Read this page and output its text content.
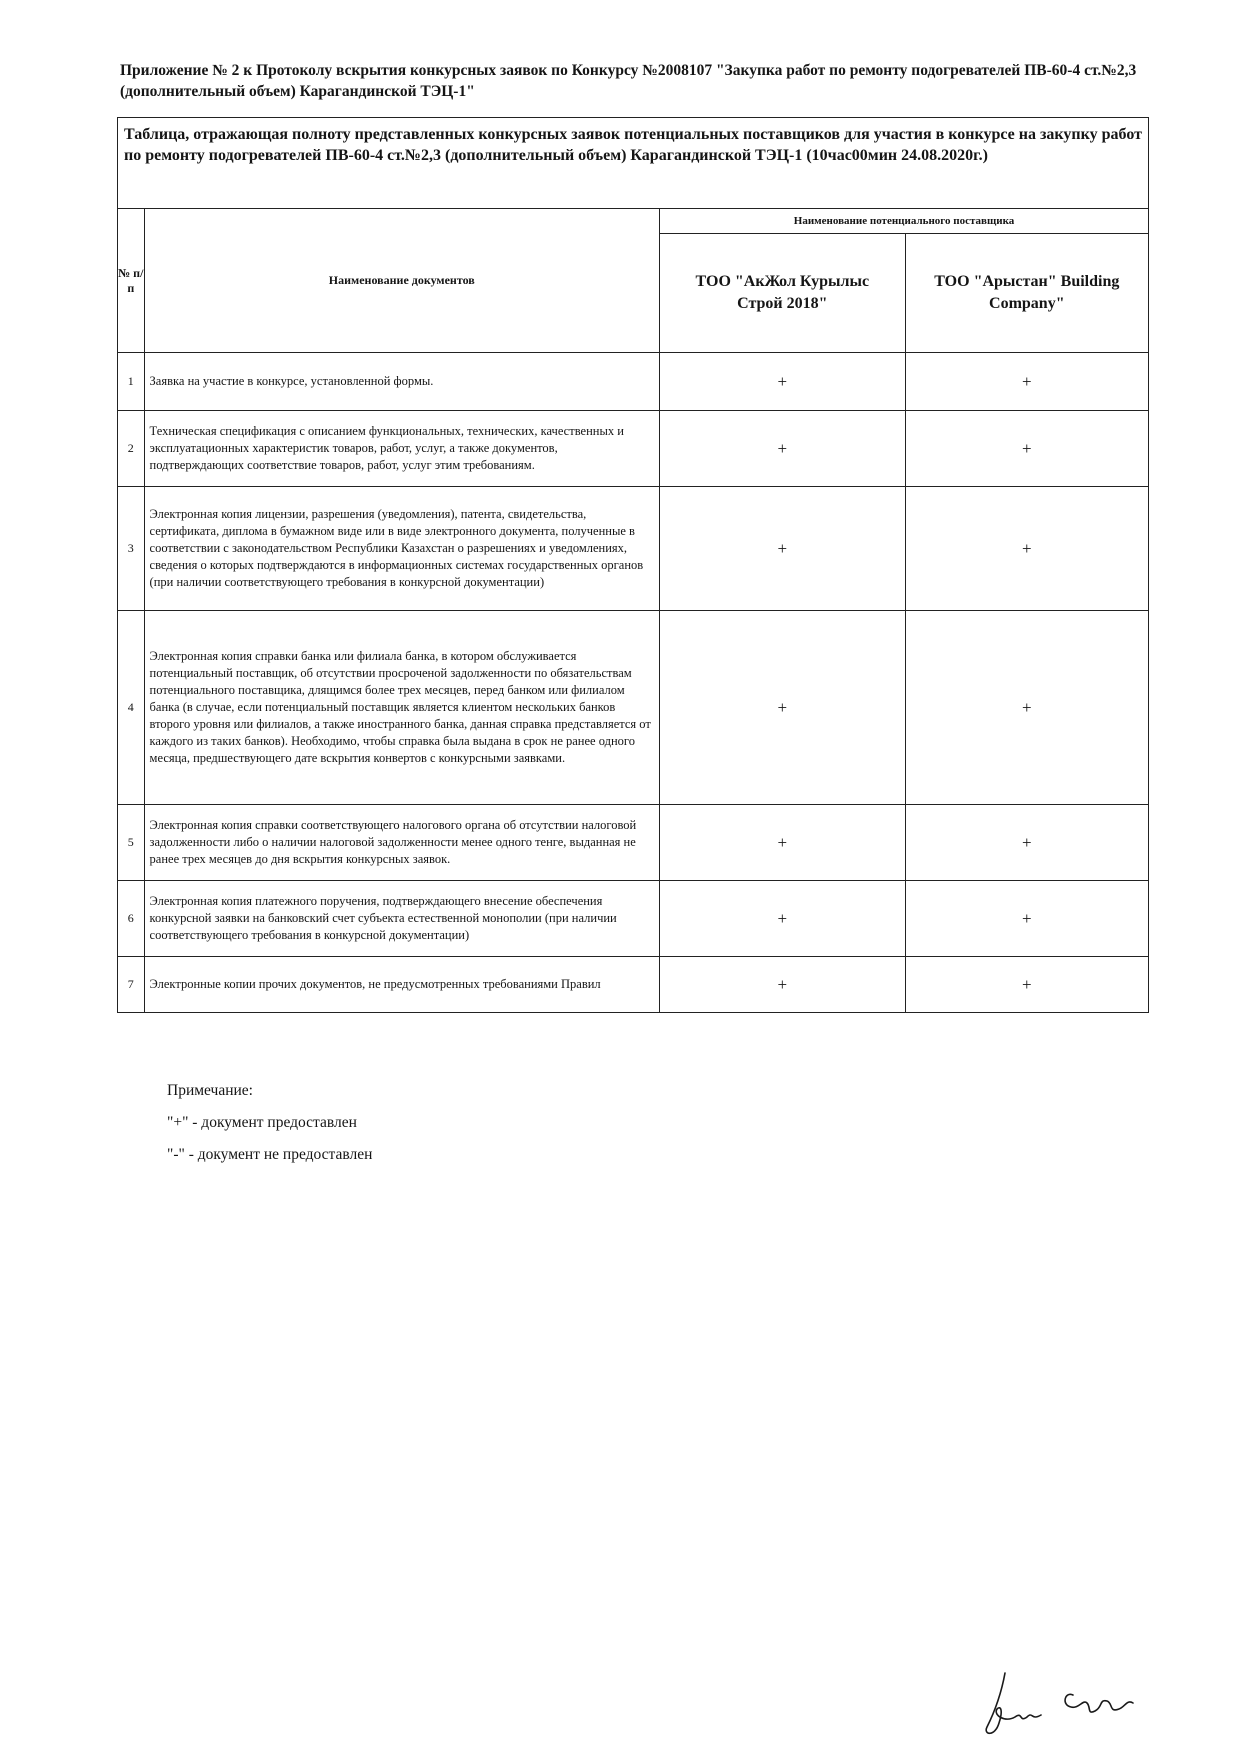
Приложение № 2 к Протоколу вскрытия конкурсных заявок по Конкурсу №2008107 "Закупка работ по ремонту подогревателей ПВ-60-4 ст.№2,3 (дополнительный объем) Карагандинской ТЭЦ-1"
Таблица, отражающая полноту представленных конкурсных заявок потенциальных поставщиков для участия в конкурсе на закупку работ по ремонту подогревателей ПВ-60-4 ст.№2,3 (дополнительный объем) Карагандинской ТЭЦ-1 (10час00мин 24.08.2020г.)			
№ п/п	Наименование документов	Наименование потенциального поставщика	
		ТОО "АкЖол Курылыс Строй 2018"	ТОО "Арыстан" Building Company"
1	Заявка на участие в конкурсе, установленной формы.	+	+
2	Техническая спецификация с описанием функциональных, технических, качественных и эксплуатационных характеристик товаров, работ, услуг, а также документов, подтверждающих соответствие товаров, работ, услуг этим требованиям.	+	+
3	Электронная копия лицензии, разрешения (уведомления), патента, свидетельства, сертификата, диплома в бумажном виде или в виде электронного документа, полученные в соответствии с законодательством Республики Казахстан о разрешениях и уведомлениях, сведения о которых подтверждаются в информационных системах государственных органов (при наличии соответствующего требования в конкурсной документации)	+	+
4	Электронная копия справки банка или филиала банка, в котором обслуживается потенциальный поставщик, об отсутствии просроченой задолженности по обязательствам потенциального поставщика, длящимся более трех месяцев, перед банком или филиалом банка (в случае, если потенциальный поставщик является клиентом нескольких банков второго уровня или филиалов, а также иностранного банка, данная справка представляется от каждого из таких банков). Необходимо, чтобы справка была выдана в срок не ранее одного месяца, предшествующего дате вскрытия конвертов с конкурсными заявками.	+	+
5	Электронная копия справки соответствующего налогового органа об отсутствии налоговой задолженности либо о наличии налоговой задолженности менее одного тенге, выданная не ранее трех месяцев до дня вскрытия конкурсных заявок.	+	+
6	Электронная копия платежного поручения, подтверждающего внесение обеспечения конкурсной заявки на банковский счет субъекта естественной монополии (при наличии соответствующего требования в конкурсной документации)	+	+
7	Электронные копии прочих документов, не предусмотренных требованиями Правил	+	+
Примечание:
"+" - документ предоставлен
"-" - документ не предоставлен
